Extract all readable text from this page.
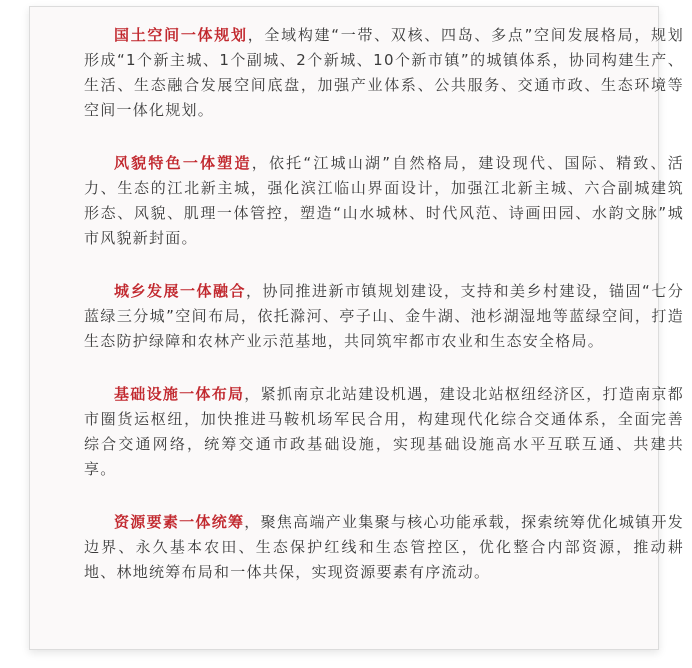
国土空间一体规划，全域构建“一带、双核、四岛、多点”空间发展格局，规划形成“1个新主城、1个副城、2个新城、10个新市镇”的城镇体系，协同构建生产、生活、生态融合发展空间底盘，加强产业体系、公共服务、交通市政、生态环境等空间一体化规划。

风貌特色一体塑造，依托“江城山湖”自然格局，建设现代、国际、精致、活力、生态的江北新主城，强化滨江临山界面设计，加强江北新主城、六合副城建筑形态、风貌、肌理一体管控，塑造“山水城林、时代风范、诗画田园、水韵文脉”城市风貌新封面。

城乡发展一体融合，协同推进新市镇规划建设，支持和美乡村建设，锚固“七分蓝绿三分城”空间布局，依托滁河、亭子山、金牛湖、池杉湖湿地等蓝绿空间，打造生态防护绿障和农林产业示范基地，共同筑牢都市农业和生态安全格局。

基础设施一体布局，紧抓南京北站建设机遇，建设北站枢纽经济区，打造南京都市圈货运枢纽，加快推进马鞍机场军民合用，构建现代化综合交通体系，全面完善综合交通网络，统筹交通市政基础设施，实现基础设施高水平互联互通、共建共享。

资源要素一体统筹，聚焦高端产业集聚与核心功能承载，探索统筹优化城镇开发边界、永久基本农田、生态保护红线和生态管控区，优化整合内部资源，推动耕地、林地统筹布局和一体共保，实现资源要素有序流动。
